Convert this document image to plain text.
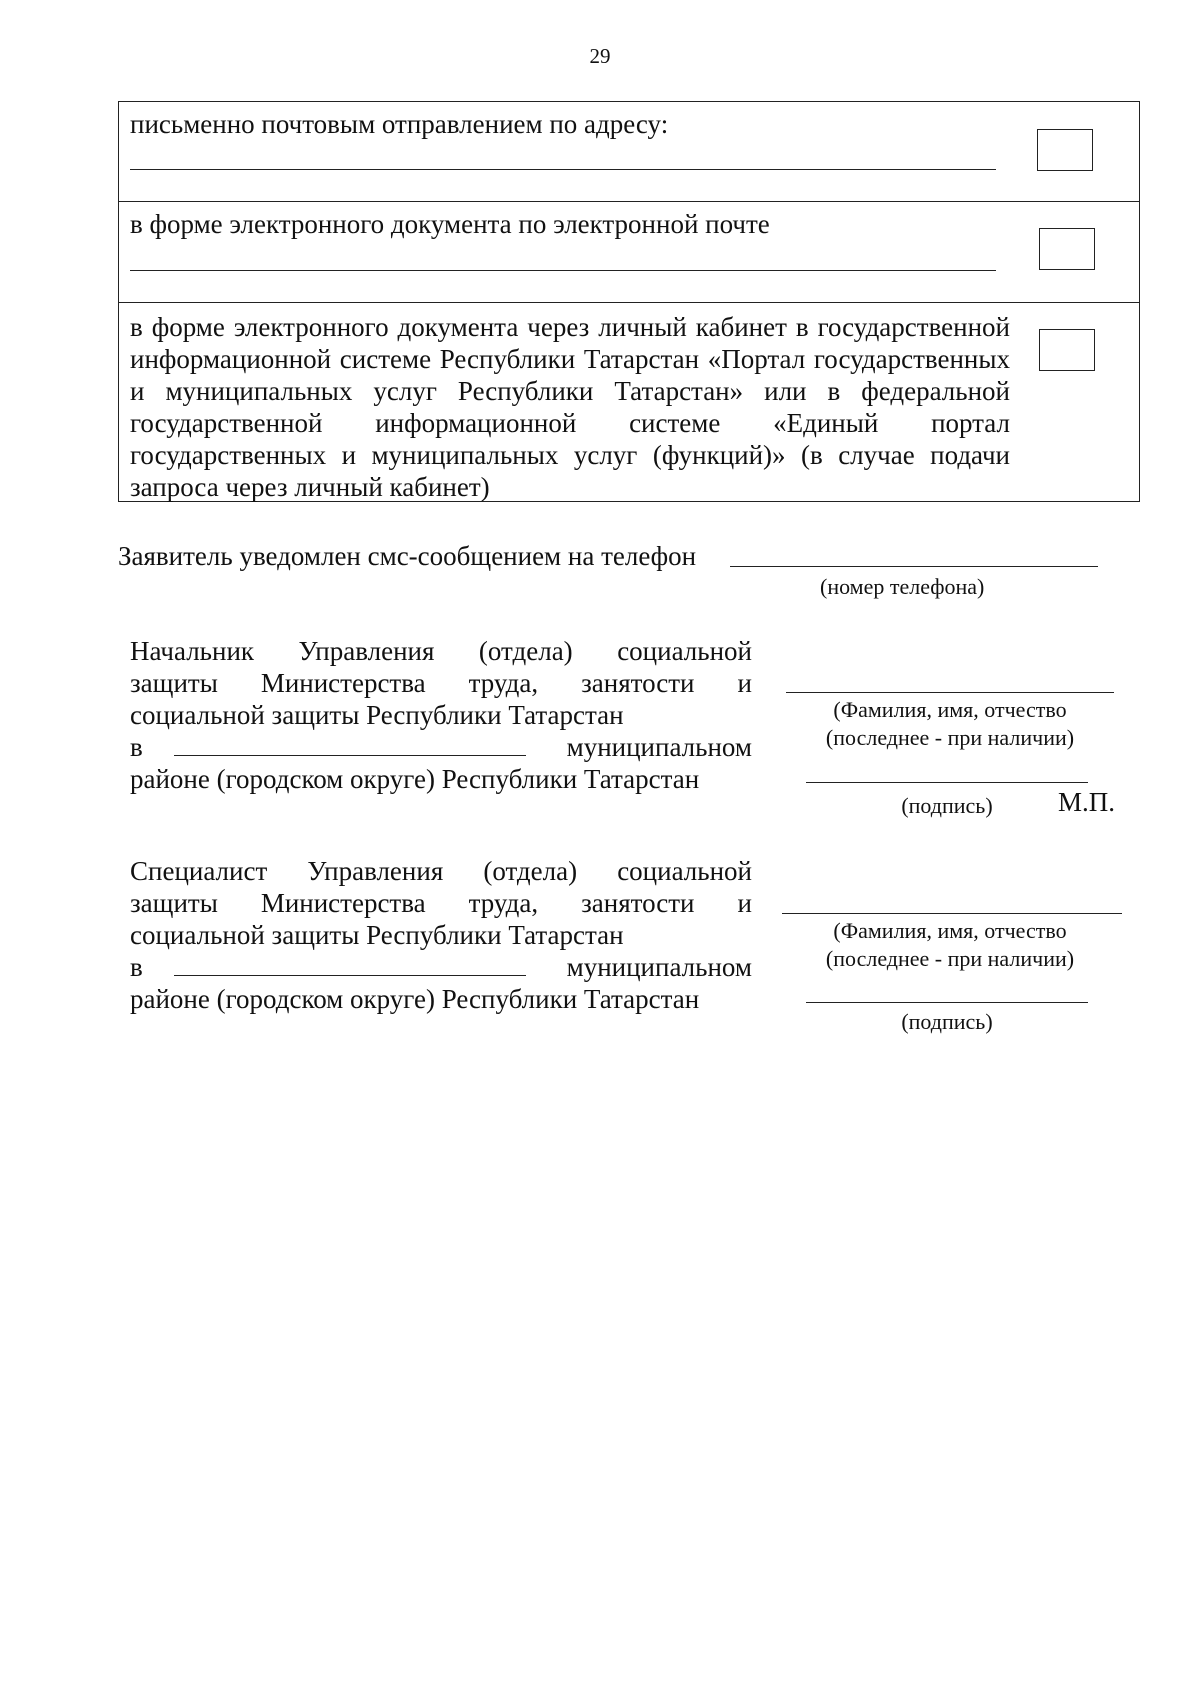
29
письменно почтовым отправлением по адресу:
в форме электронного документа по электронной почте
в форме электронного документа через личный кабинет в государственной информационной системе Республики Татарстан «Портал государственных и муниципальных услуг Республики Татарстан» или в федеральной государственной информационной системе «Единый портал государственных и муниципальных услуг (функций)» (в случае подачи запроса через личный кабинет)
Заявитель уведомлен смс-сообщением на телефон
(номер телефона)
Начальник Управления (отдела) социальной
защиты Министерства труда, занятости и
социальной защиты Республики Татарстан
в	муниципальном
районе (городском округе) Республики Татарстан
(Фамилия, имя, отчество
(последнее - при наличии)
(подпись)	М.П.
Специалист Управления (отдела) социальной
защиты Министерства труда, занятости и
социальной защиты Республики Татарстан
в	муниципальном
районе (городском округе) Республики Татарстан
(Фамилия, имя, отчество
(последнее - при наличии)
(подпись)
